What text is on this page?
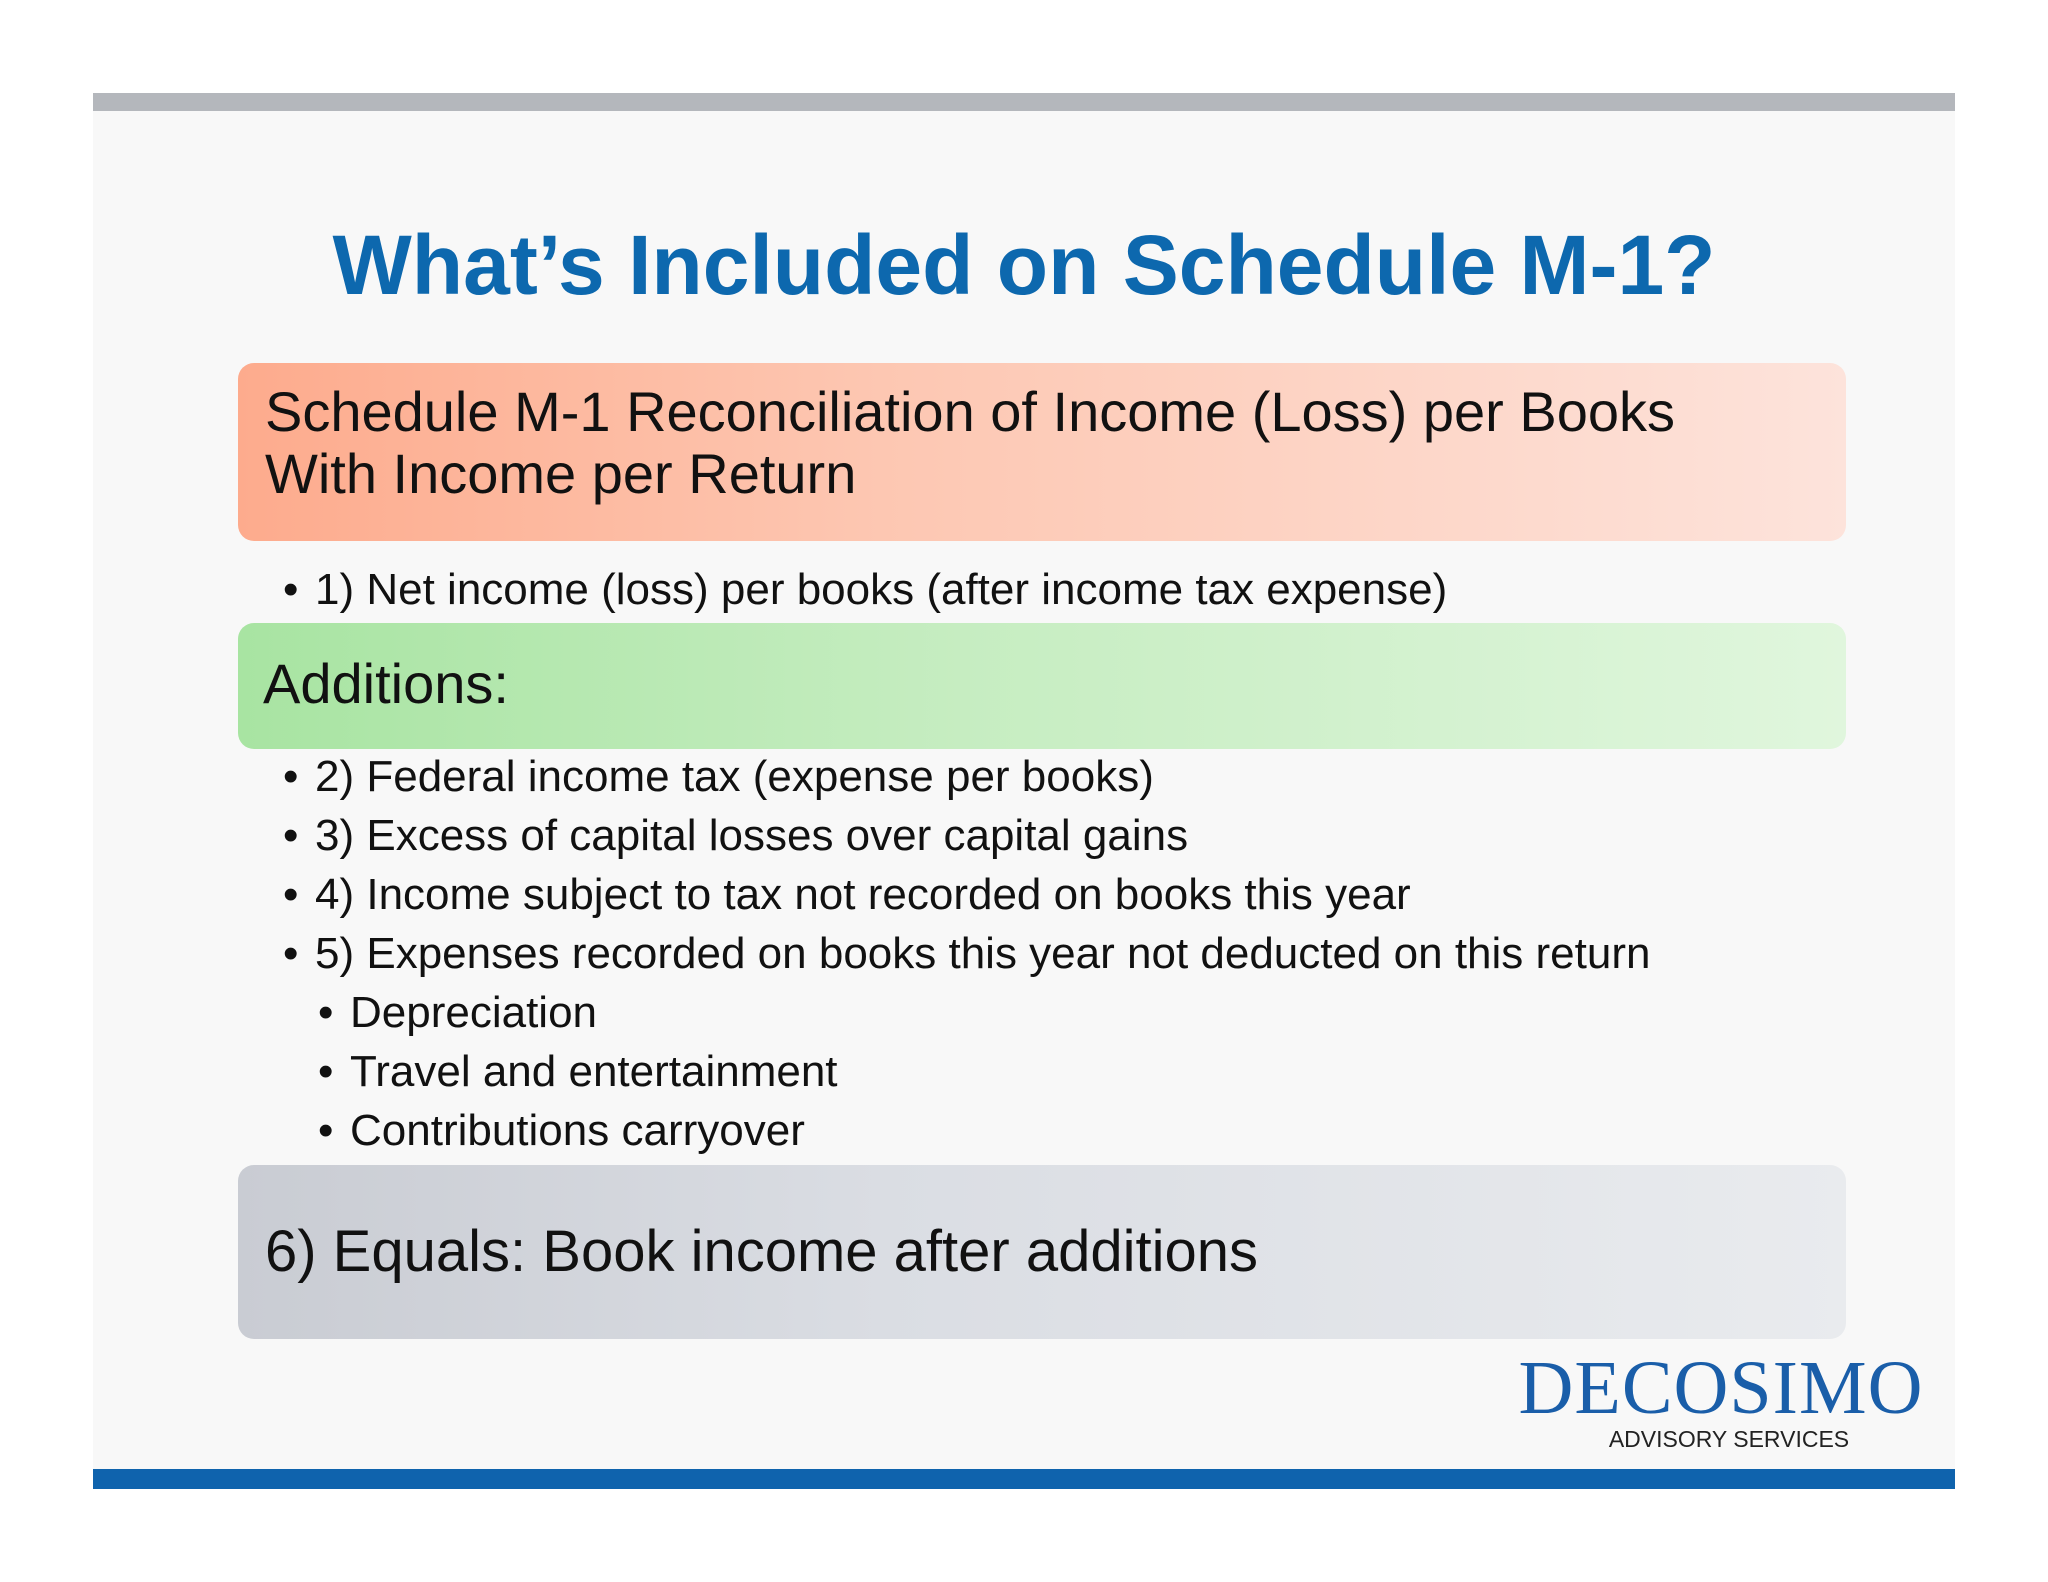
What’s Included on Schedule M-1?
Schedule M-1 Reconciliation of Income (Loss) per Books
With Income per Return
• 1) Net income (loss) per books (after income tax expense)
Additions:
• 2) Federal income tax (expense per books)
• 3) Excess of capital losses over capital gains
• 4) Income subject to tax not recorded on books this year
• 5) Expenses recorded on books this year not deducted on this return
• Depreciation
• Travel and entertainment
• Contributions carryover
6) Equals: Book income after additions
DECOSIMO
ADVISORY SERVICES
